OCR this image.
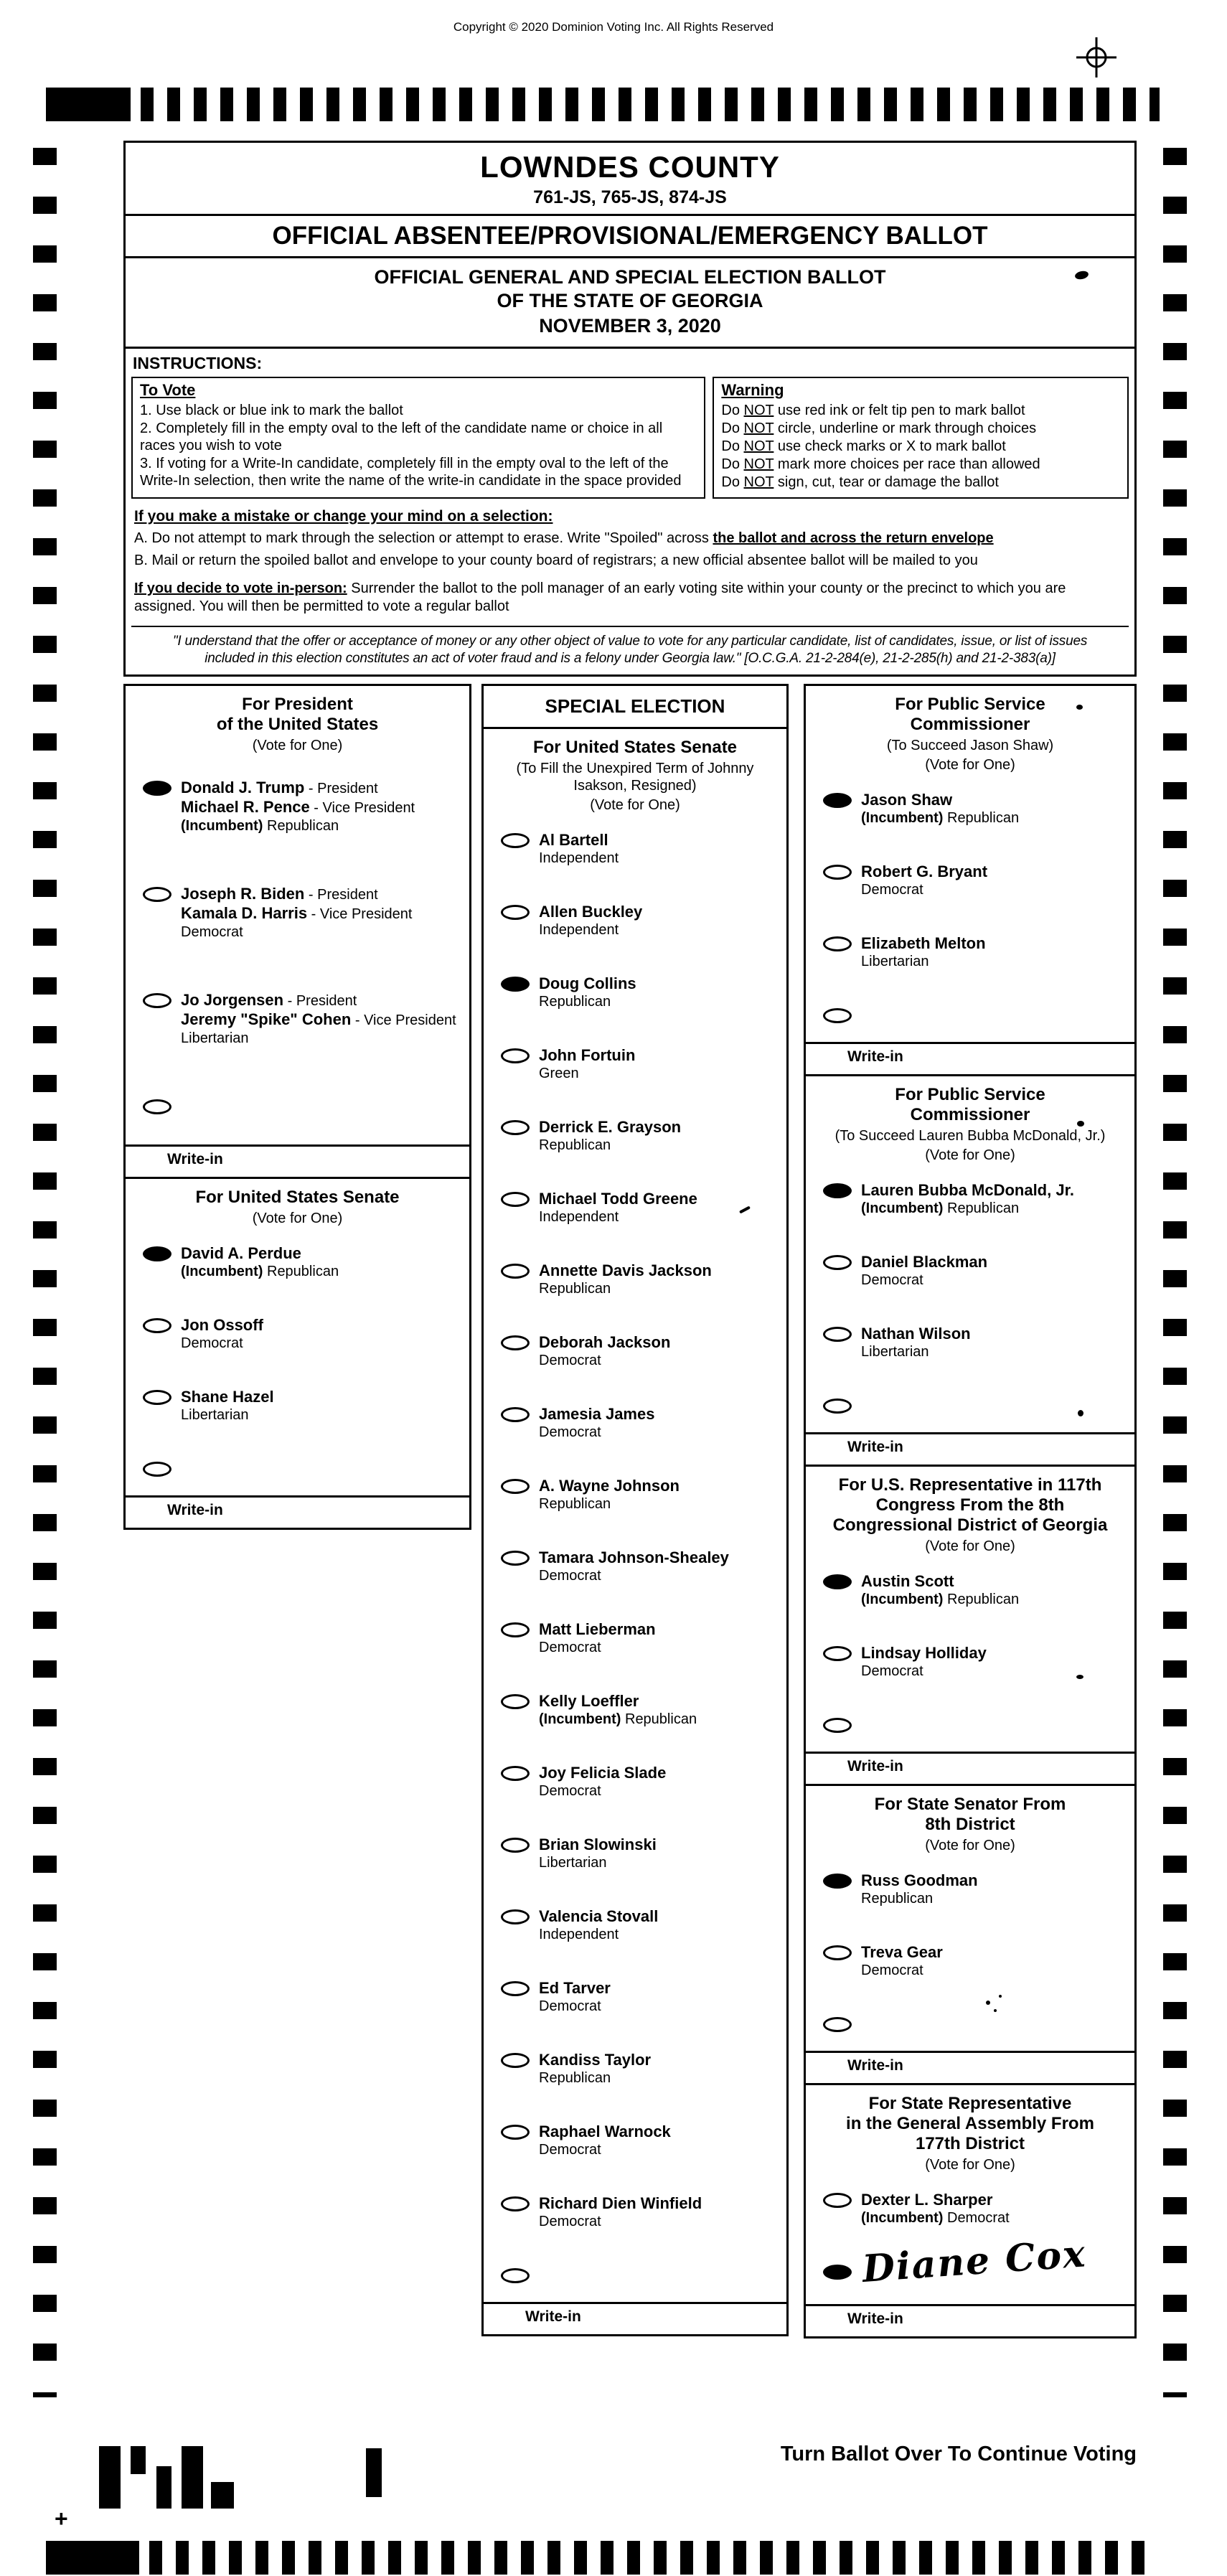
Copyright © 2020 Dominion Voting Inc. All Rights Reserved
LOWNDES COUNTY
761-JS, 765-JS, 874-JS
OFFICIAL ABSENTEE/PROVISIONAL/EMERGENCY BALLOT
OFFICIAL GENERAL AND SPECIAL ELECTION BALLOT
OF THE STATE OF GEORGIA
NOVEMBER 3, 2020
INSTRUCTIONS:
To Vote
1. Use black or blue ink to mark the ballot
2. Completely fill in the empty oval to the left of the candidate name or choice in all races you wish to vote
3. If voting for a Write-In candidate, completely fill in the empty oval to the left of the Write-In selection, then write the name of the write-in candidate in the space provided
Warning
Do NOT use red ink or felt tip pen to mark ballot
Do NOT circle, underline or mark through choices
Do NOT use check marks or X to mark ballot
Do NOT mark more choices per race than allowed
Do NOT sign, cut, tear or damage the ballot
If you make a mistake or change your mind on a selection:
A. Do not attempt to mark through the selection or attempt to erase. Write "Spoiled" across the ballot and across the return envelope
B. Mail or return the spoiled ballot and envelope to your county board of registrars; a new official absentee ballot will be mailed to you
If you decide to vote in-person: Surrender the ballot to the poll manager of an early voting site within your county or the precinct to which you are assigned. You will then be permitted to vote a regular ballot
"I understand that the offer or acceptance of money or any other object of value to vote for any particular candidate, list of candidates, issue, or list of issues included in this election constitutes an act of voter fraud and is a felony under Georgia law." [O.C.G.A. 21-2-284(e), 21-2-285(h) and 21-2-383(a)]
For President
of the United States
(Vote for One)
Donald J. Trump - President
Michael R. Pence - Vice President
(Incumbent) Republican
Joseph R. Biden - President
Kamala D. Harris - Vice President
Democrat
Jo Jorgensen - President
Jeremy "Spike" Cohen - Vice President
Libertarian
Write-in
For United States Senate
(Vote for One)
David A. Perdue
(Incumbent) Republican
Jon Ossoff
Democrat
Shane Hazel
Libertarian
Write-in
SPECIAL ELECTION
For United States Senate
(To Fill the Unexpired Term of Johnny Isakson, Resigned)
(Vote for One)
Al Bartell
Independent
Allen Buckley
Independent
Doug Collins
Republican
John Fortuin
Green
Derrick E. Grayson
Republican
Michael Todd Greene
Independent
Annette Davis Jackson
Republican
Deborah Jackson
Democrat
Jamesia James
Democrat
A. Wayne Johnson
Republican
Tamara Johnson-Shealey
Democrat
Matt Lieberman
Democrat
Kelly Loeffler
(Incumbent) Republican
Joy Felicia Slade
Democrat
Brian Slowinski
Libertarian
Valencia Stovall
Independent
Ed Tarver
Democrat
Kandiss Taylor
Republican
Raphael Warnock
Democrat
Richard Dien Winfield
Democrat
Write-in
For Public Service
Commissioner
(To Succeed Jason Shaw)
(Vote for One)
Jason Shaw
(Incumbent) Republican
Robert G. Bryant
Democrat
Elizabeth Melton
Libertarian
Write-in
For Public Service
Commissioner
(To Succeed Lauren Bubba McDonald, Jr.)
(Vote for One)
Lauren Bubba McDonald, Jr.
(Incumbent) Republican
Daniel Blackman
Democrat
Nathan Wilson
Libertarian
Write-in
For U.S. Representative in 117th
Congress From the 8th
Congressional District of Georgia
(Vote for One)
Austin Scott
(Incumbent) Republican
Lindsay Holliday
Democrat
Write-in
For State Senator From
8th District
(Vote for One)
Russ Goodman
Republican
Treva Gear
Democrat
Write-in
For State Representative
in the General Assembly From
177th District
(Vote for One)
Dexter L. Sharper
(Incumbent) Democrat
Diane Cox
Write-in
Turn Ballot Over To Continue Voting
+
